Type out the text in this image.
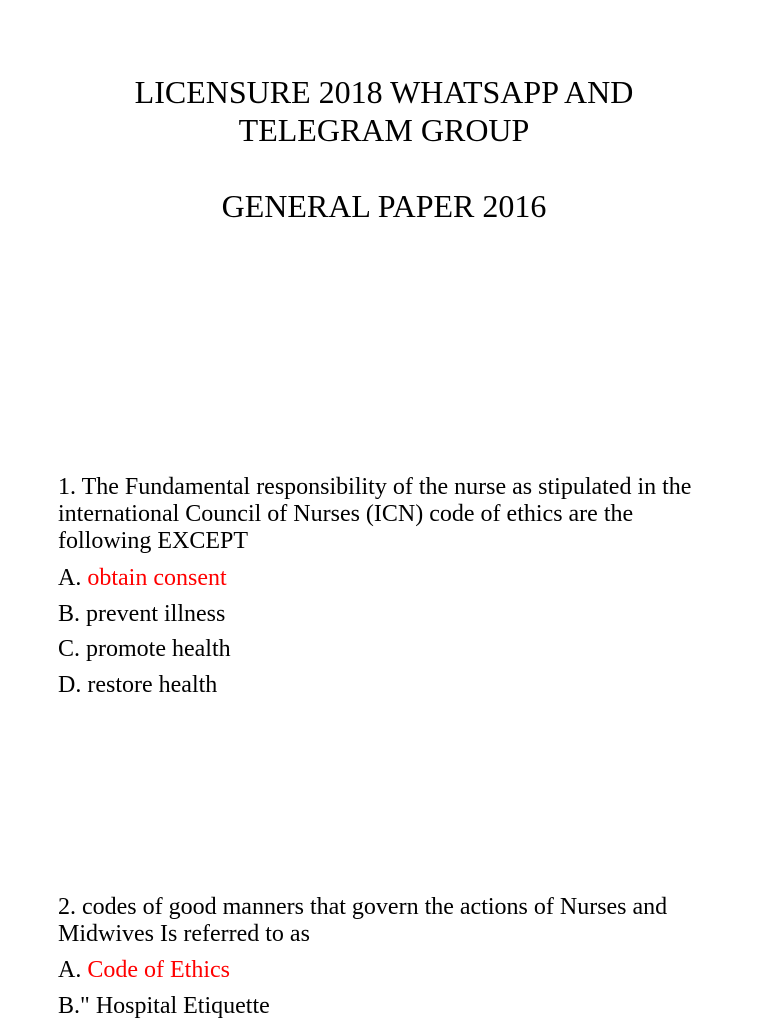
LICENSURE 2018 WHATSAPP AND
TELEGRAM GROUP
GENERAL PAPER 2016
1. The Fundamental responsibility of the nurse as stipulated in the international Council of Nurses (ICN) code of ethics are the following EXCEPT
A. obtain consent
B. prevent illness
C. promote health
D. restore health
2. codes of good manners that govern the actions of Nurses and Midwives Is referred to as
A. Code of Ethics
B." Hospital Etiquette
